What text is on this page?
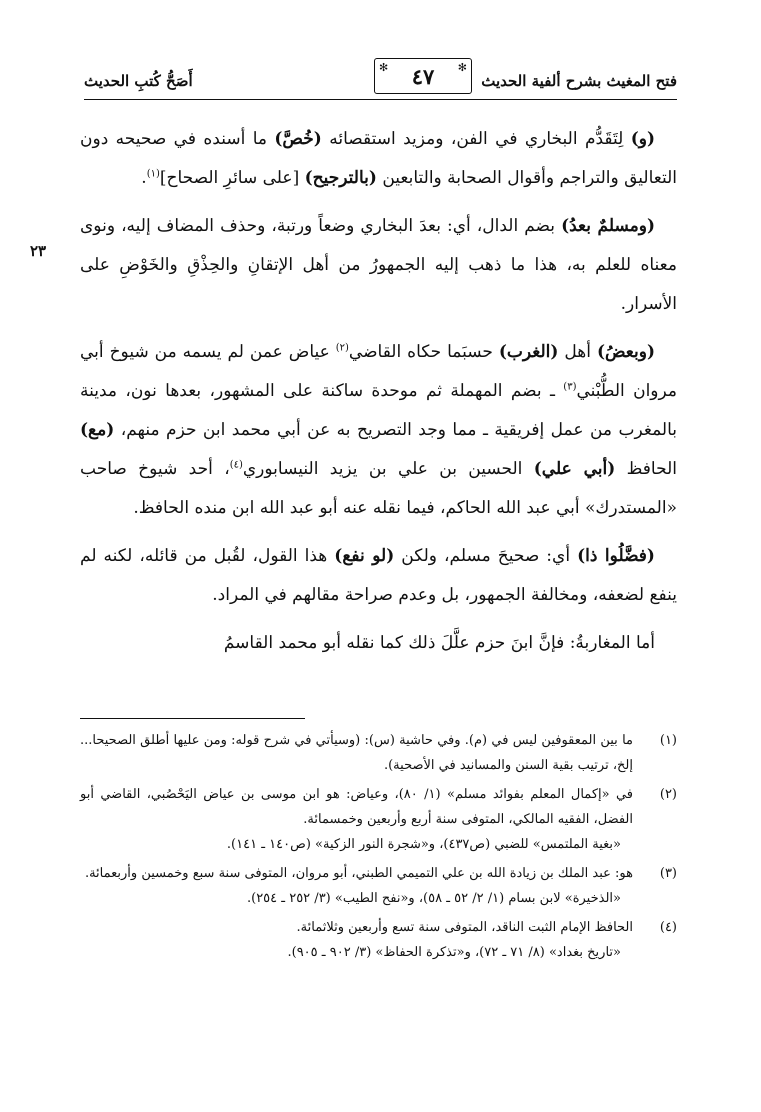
فتح المغيث بشرح ألفية الحديث
✻ ٤٧ ✻
أَصَحُّ كُتبِ الحديث
٢٣

(و) لِتَقَدُّم البخاري في الفن، ومزيد استقصائه (خُصَّ) ما أسنده في صحيحه دون التعاليق والتراجم وأقوال الصحابة والتابعين (بالترجيح) [على سائرِ الصحاح]$^{(١)}$.

(ومسلمٌ بعدُ) بضم الدال، أي: بعدَ البخاري وضعاً ورتبة، وحذف المضاف إليه، ونوى معناه للعلم به، هذا ما ذهب إليه الجمهورُ من أهل الإتقانِ والحِذْقِ والخَوْضِ على الأسرار.

(وبعضُ) أهل (الغرب) حسبَما حكاه القاضي$^{(٢)}$ عياض عمن لم يسمه من شيوخ أبي مروان الطُّبْني$^{(٣)}$ ـ بضم المهملة ثم موحدة ساكنة على المشهور، بعدها نون، مدينة بالمغرب من عمل إفريقية ـ مما وجد التصريح به عن أبي محمد ابن حزم منهم، (مع) الحافظ (أبي علي) الحسين بن علي بن يزيد النيسابوري$^{(٤)}$، أحد شيوخ صاحب «المستدرك» أبي عبد الله الحاكم، فيما نقله عنه أبو عبد الله ابن منده الحافظ.

(فضَّلُوا ذا) أي: صحيحَ مسلم، ولكن (لو نفع) هذا القول، لقُبل من قائله، لكنه لم ينفع لضعفه، ومخالفة الجمهور، بل وعدم صراحة مقالهم في المراد.

أما المغاربةُ: فإنَّ ابنَ حزم علَّلَ ذلك كما نقله أبو محمد القاسمُ

(١)
ما بين المعقوفين ليس في (م). وفي حاشية (س): (وسيأتي في شرح قوله: ومن عليها أطلق الصحيحا... إلخ، ترتيب بقية السنن والمسانيد في الأصحية).
(٢)
في «إكمال المعلم بفوائد مسلم» (١/ ٨٠)، وعياض: هو ابن موسى بن عياض اليَحْصُبي، القاضي أبو الفضل، الفقيه المالكي، المتوفى سنة أربع وأربعين وخمسمائة.
«بغية الملتمس» للضبي (ص٤٣٧)، و«شجرة النور الزكية» (ص١٤٠ ـ ١٤١).
(٣)
هو: عبد الملك بن زيادة الله بن علي التميمي الطبني، أبو مروان، المتوفى سنة سبع وخمسين وأربعمائة.
«الذخيرة» لابن بسام (١/ ٢/ ٥٢ ـ ٥٨)، و«نفح الطيب» (٣/ ٢٥٢ ـ ٢٥٤).
(٤)
الحافظ الإمام الثبت الناقد، المتوفى سنة تسع وأربعين وثلاثمائة.
«تاريخ بغداد» (٨/ ٧١ ـ ٧٢)، و«تذكرة الحفاظ» (٣/ ٩٠٢ ـ ٩٠٥).
